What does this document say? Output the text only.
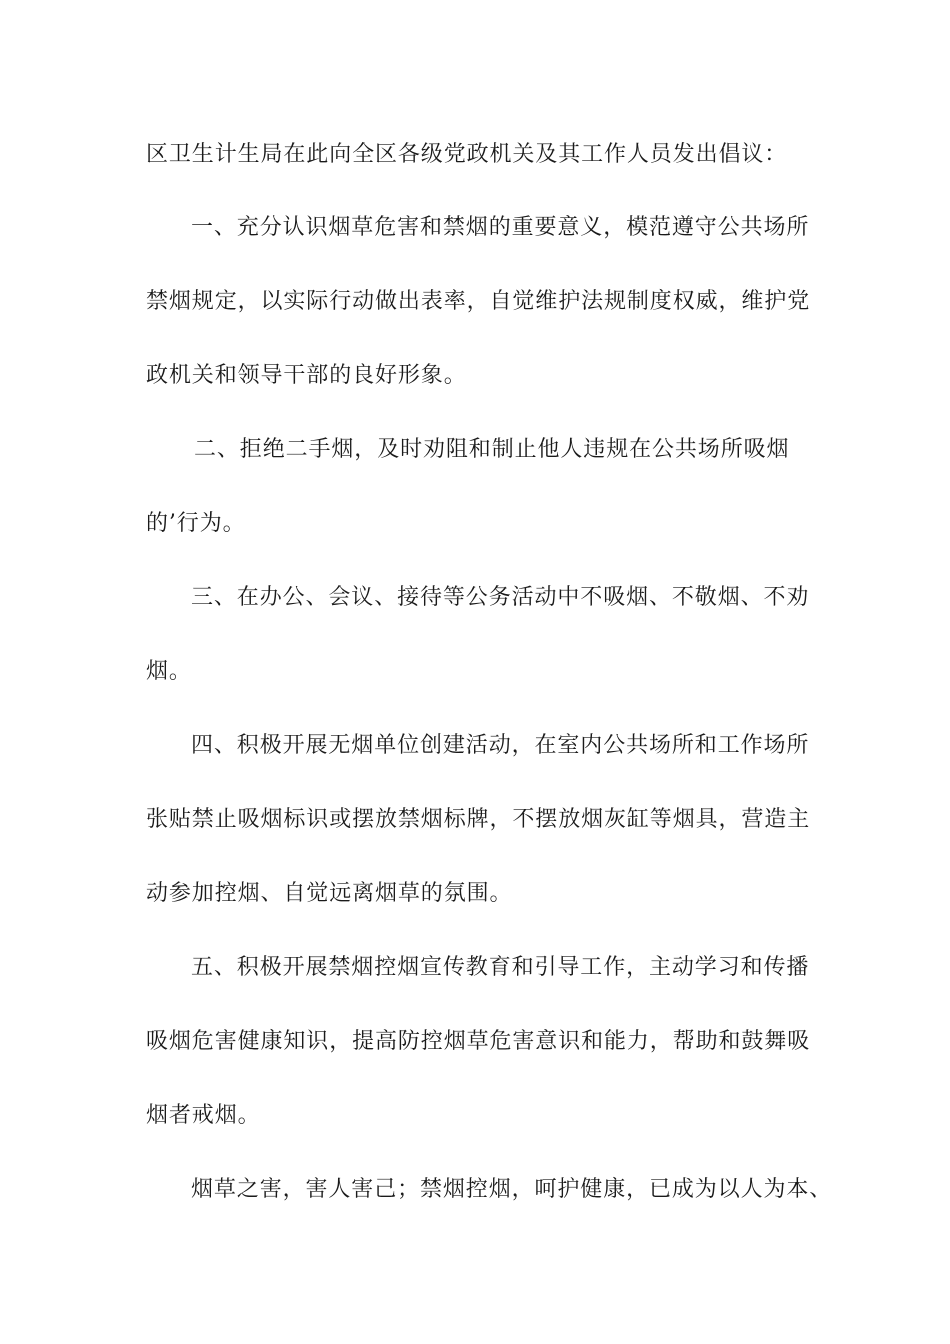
区卫生计生局在此向全区各级党政机关及其工作人员发出倡议：

一、充分认识烟草危害和禁烟的重要意义，模范遵守公共场所

禁烟规定，以实际行动做出表率，自觉维护法规制度权威，维护党

政机关和领导干部的良好形象。

二、拒绝二手烟，及时劝阻和制止他人违规在公共场所吸烟

的’行为。

三、在办公、会议、接待等公务活动中不吸烟、不敬烟、不劝

烟。

四、积极开展无烟单位创建活动，在室内公共场所和工作场所

张贴禁止吸烟标识或摆放禁烟标牌，不摆放烟灰缸等烟具，营造主

动参加控烟、自觉远离烟草的氛围。

五、积极开展禁烟控烟宣传教育和引导工作，主动学习和传播

吸烟危害健康知识，提高防控烟草危害意识和能力，帮助和鼓舞吸

烟者戒烟。

烟草之害，害人害己；禁烟控烟，呵护健康，已成为以人为本、
